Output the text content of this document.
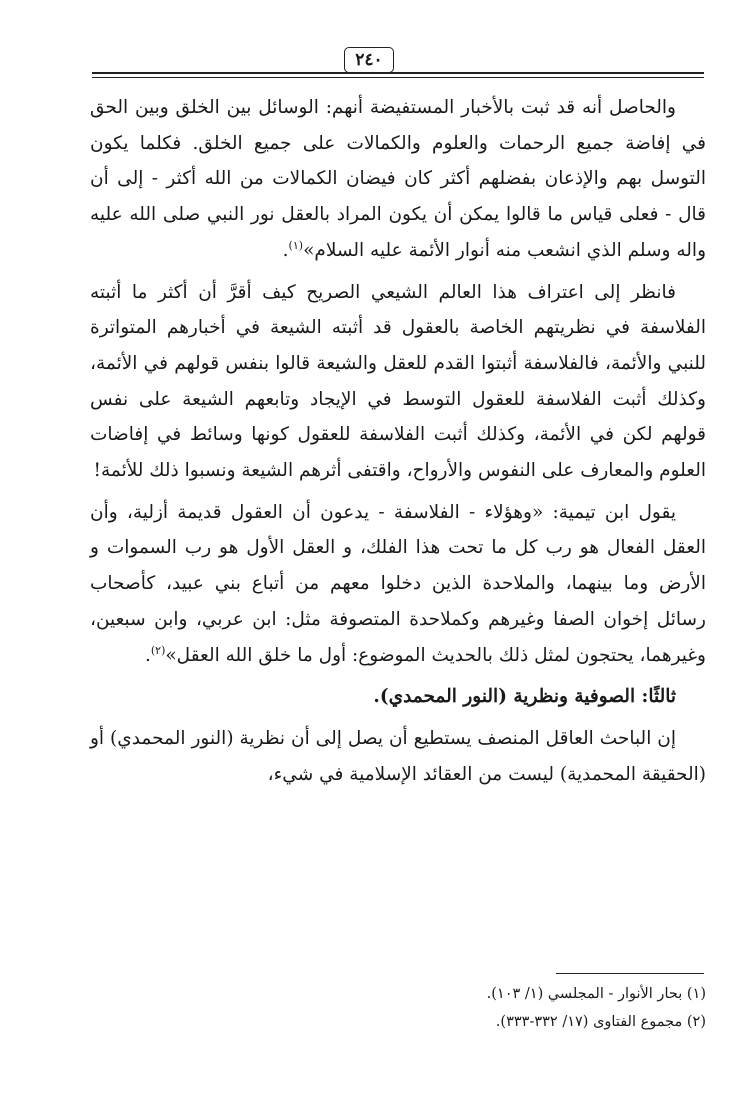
٢٤٠

والحاصل أنه قد ثبت بالأخبار المستفيضة أنهم: الوسائل بين الخلق وبين الحق في إفاضة جميع الرحمات والعلوم والكمالات على جميع الخلق. فكلما يكون التوسل بهم والإذعان بفضلهم أكثر كان فيضان الكمالات من الله أكثر - إلى أن قال - فعلى قياس ما قالوا يمكن أن يكون المراد بالعقل نور النبي صلى الله عليه واله وسلم الذي انشعب منه أنوار الأئمة عليه السلام»$^{(١)}$.

فانظر إلى اعتراف هذا العالم الشيعي الصريح كيف أقرَّ أن أكثر ما أثبته الفلاسفة في نظريتهم الخاصة بالعقول قد أثبته الشيعة في أخبارهم المتواترة للنبي والأئمة، فالفلاسفة أثبتوا القدم للعقل والشيعة قالوا بنفس قولهم في الأئمة، وكذلك أثبت الفلاسفة للعقول التوسط في الإيجاد وتابعهم الشيعة على نفس قولهم لكن في الأئمة، وكذلك أثبت الفلاسفة للعقول كونها وسائط في إفاضات العلوم والمعارف على النفوس والأرواح، واقتفى أثرهم الشيعة ونسبوا ذلك للأئمة!

يقول ابن تيمية: «وهؤلاء - الفلاسفة - يدعون أن العقول قديمة أزلية، وأن العقل الفعال هو رب كل ما تحت هذا الفلك، و العقل الأول هو رب السموات و الأرض وما بينهما، والملاحدة الذين دخلوا معهم من أتباع بني عبيد، كأصحاب رسائل إخوان الصفا وغيرهم وكملاحدة المتصوفة مثل: ابن عربي، وابن سبعين، وغيرهما، يحتجون لمثل ذلك بالحديث الموضوع: أول ما خلق الله العقل»$^{(٢)}$.

ثالثًا: الصوفية ونظرية (النور المحمدي).

إن الباحث العاقل المنصف يستطيع أن يصل إلى أن نظرية (النور المحمدي) أو (الحقيقة المحمدية) ليست من العقائد الإسلامية في شيء،

(١) بحار الأنوار - المجلسي (١/ ١٠٣).
(٢) مجموع الفتاوى (١٧/ ٣٣٢-٣٣٣).
